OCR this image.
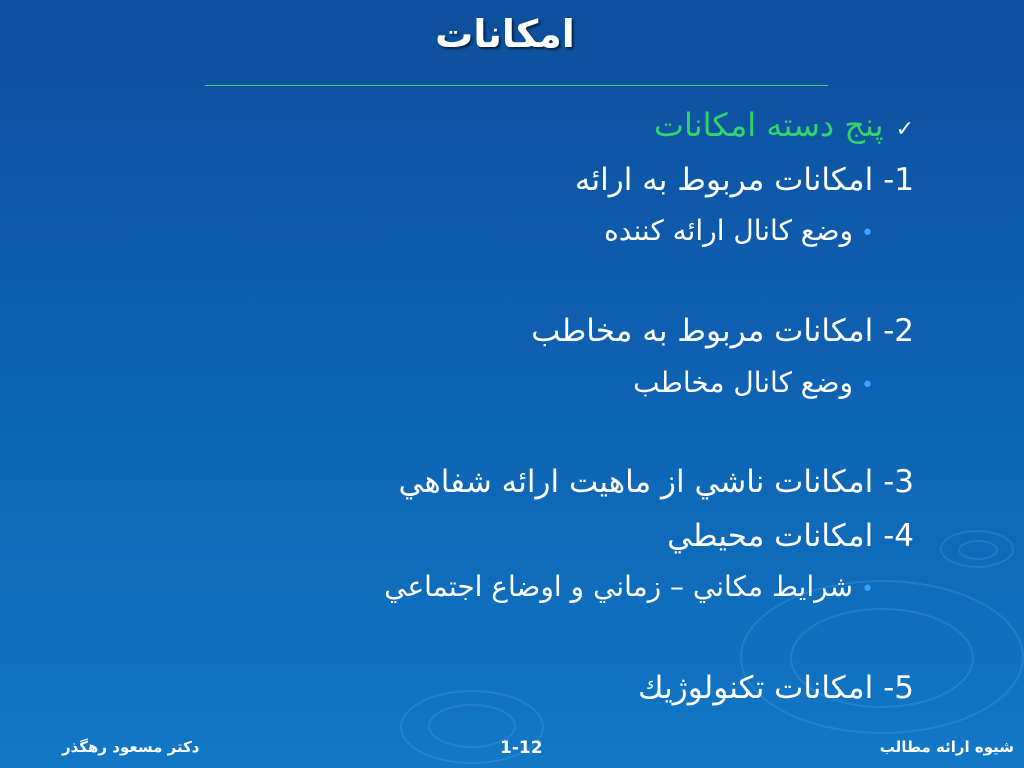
امكانات
✓پنج دسته امكانات
1- امكانات مربوط به ارائه
•وضع كانال ارائه كننده
2- امكانات مربوط به مخاطب
•وضع كانال مخاطب
3- امكانات ناشي از ماهيت ارائه شفاهي
4- امكانات محيطي
•شرايط مكاني – زماني و اوضاع اجتماعي
5- امكانات تكنولوژيك
شيوه ارائه مطالب
1-12
دكتر مسعود رهگذر
